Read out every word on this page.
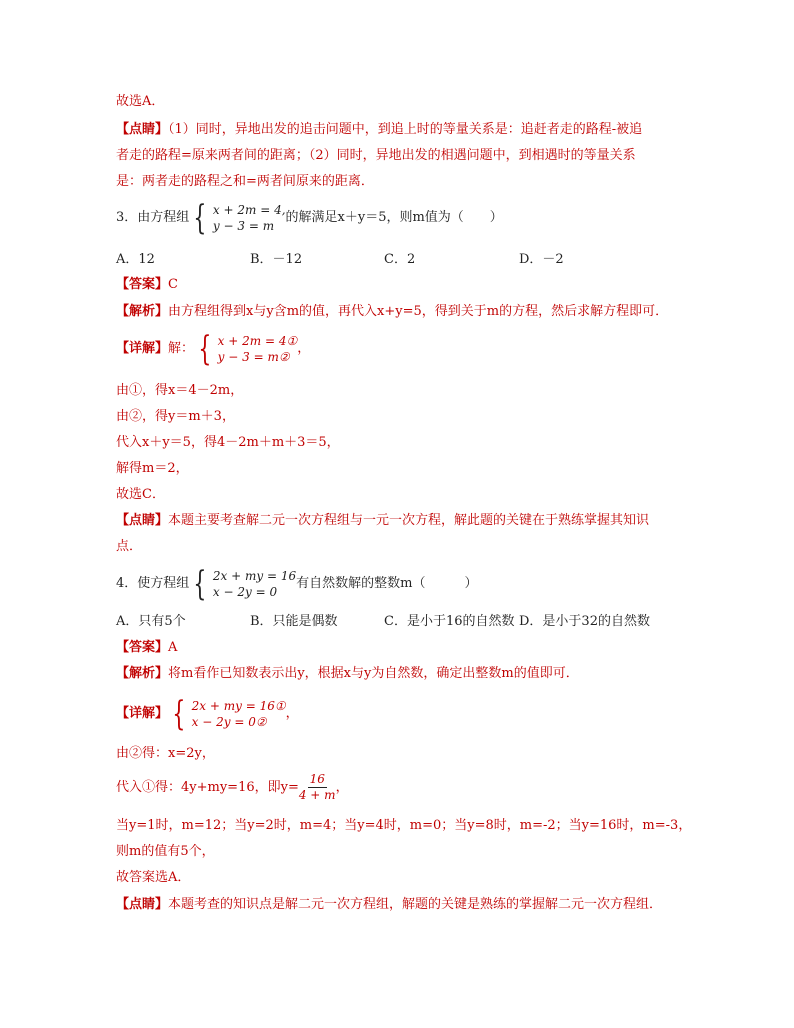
故选A．
【点睛】（1）同时，异地出发的追击问题中，到追上时的等量关系是：追赶者走的路程-被追
者走的路程=原来两者间的距离；（2）同时，异地出发的相遇问题中，到相遇时的等量关系
是：两者走的路程之和=两者间原来的距离．
3．由方程组 { x + 2m = 4,
y − 3 = m
的解满足x＋y＝5，则m值为（　　）
A．12	B．－12	C．2	D．－2
【答案】C
【解析】由方程组得到x与y含m的值，再代入x+y=5，得到关于m的方程，然后求解方程即可．
【详解】解： { x + 2m = 4①
y − 3 = m②
，
由①，得x＝4－2m，
由②，得y＝m＋3，
代入x＋y＝5，得4－2m＋m＋3＝5，
解得m＝2，
故选C．
【点睛】本题主要考查解二元一次方程组与一元一次方程，解此题的关键在于熟练掌握其知识
点．
4．使方程组 { 2x + my = 16
x − 2y = 0
有自然数解的整数m（　　　）
A．只有5个	B．只能是偶数	C．是小于16的自然数 D．是小于32的自然数
【答案】A
【解析】将m看作已知数表示出y，根据x与y为自然数，确定出整数m的值即可．
【详解】 { 2x + my = 16①
x − 2y = 0②
，
由②得：x=2y，
代入①得：4y+my=16，即$y= \frac{16}{4 + m}$ ，
当y=1时，m=12；当y=2时，m=4；当y=4时，m=0；当y=8时，m=-2；当y=16时，m=-3，
则m的值有5个，
故答案选A．
【点睛】本题考查的知识点是解二元一次方程组，解题的关键是熟练的掌握解二元一次方程组．
